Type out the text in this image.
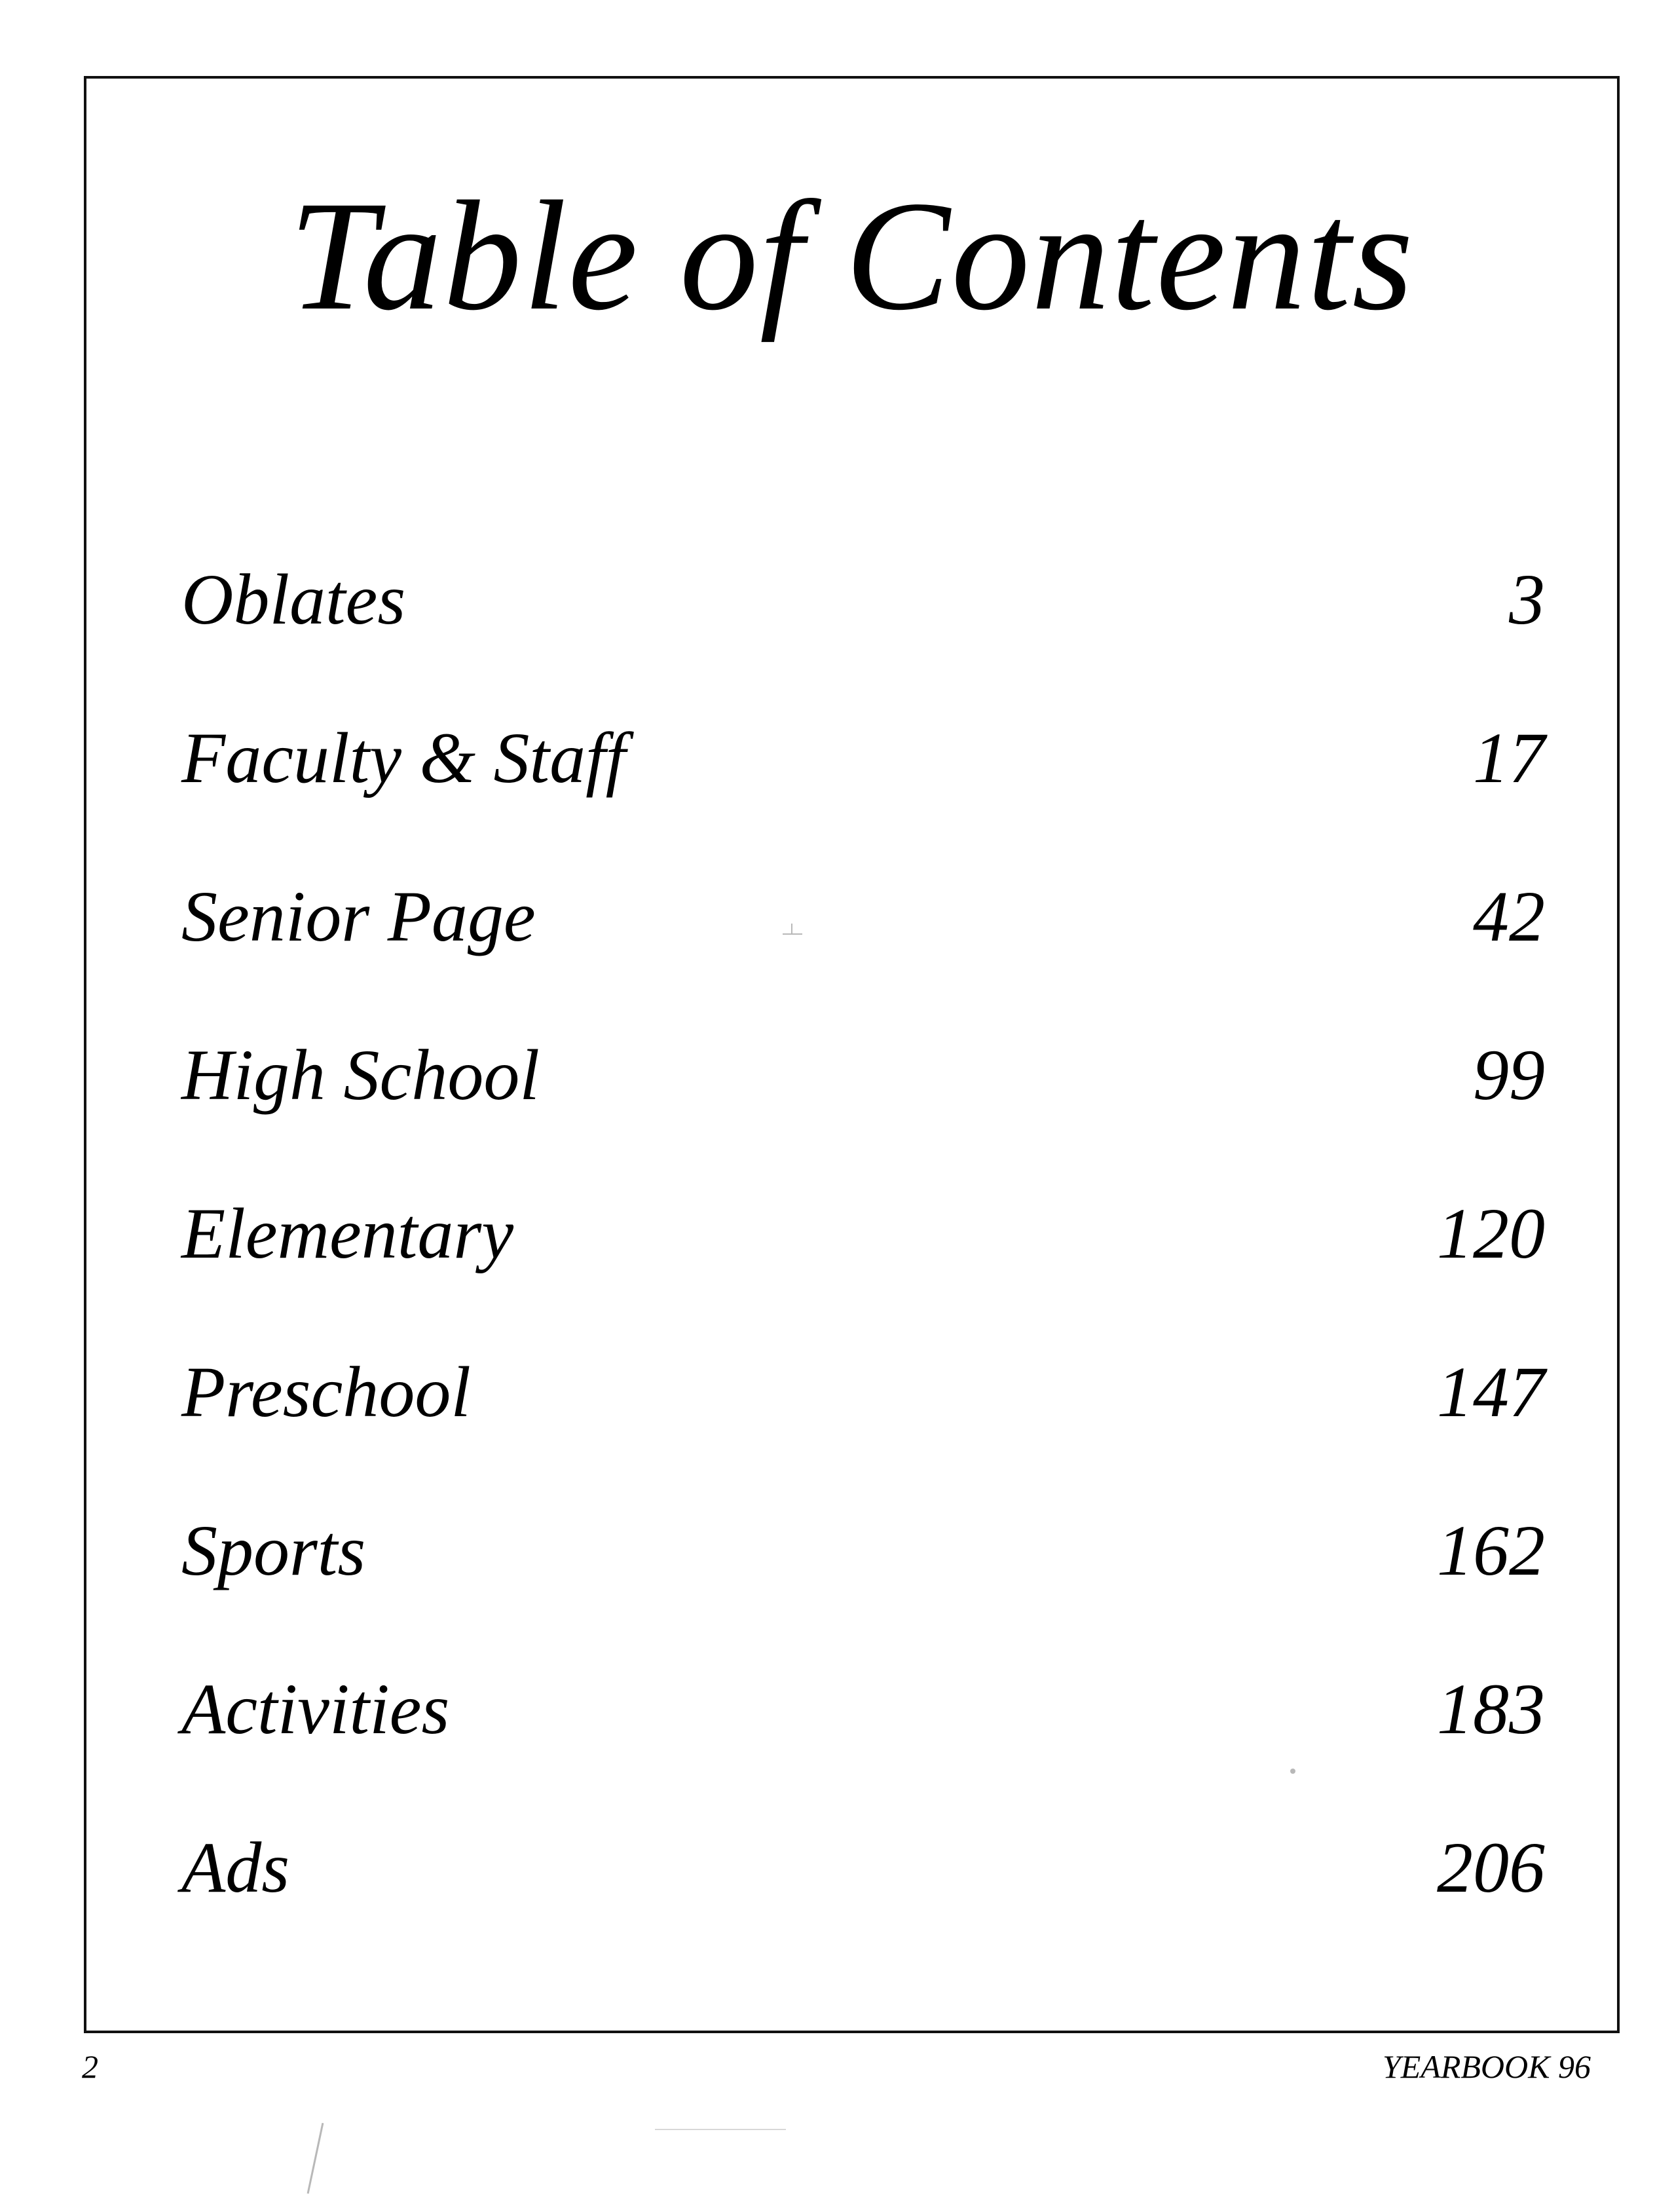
Table of Contents
Oblates	3
Faculty & Staff	17
Senior Page	42
High School	99
Elementary	120
Preschool	147
Sports	162
Activities	183
Ads	206
2	YEARBOOK 96
